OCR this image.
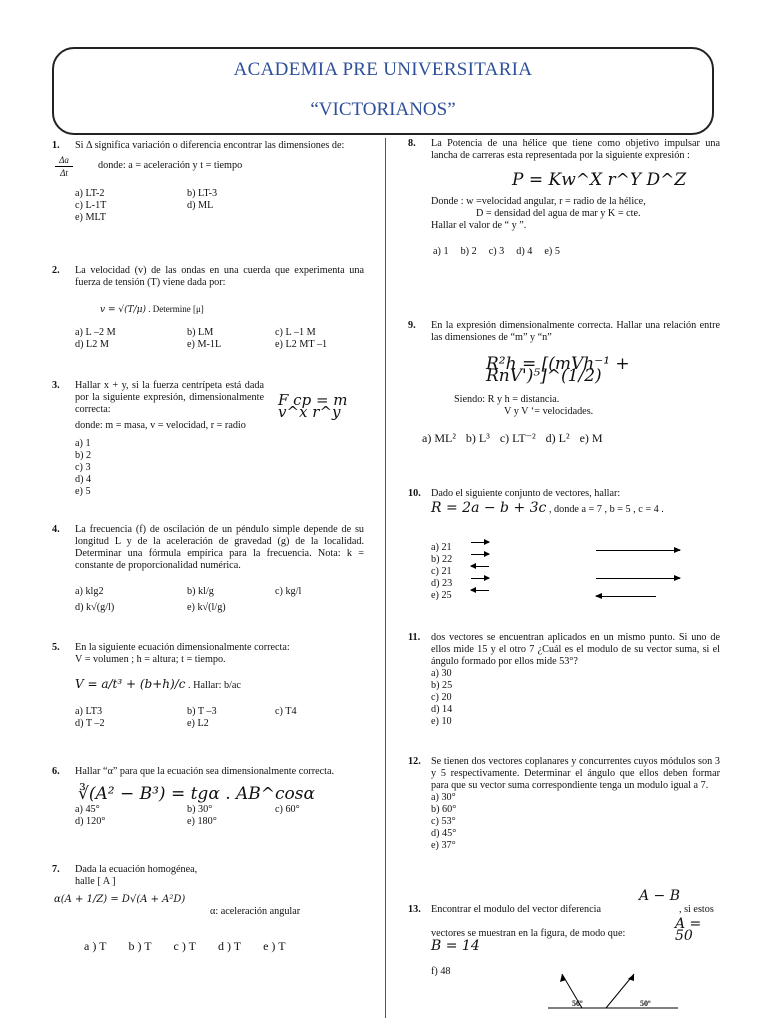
ACADEMIA PRE UNIVERSITARIA
“VICTORIANOS”
1.	Si Δ significa variación o diferencia encontrar las dimensiones de:
Δa
Δt
donde: a = aceleración y t = tiempo
a) LT-2	b) LT-3
c) L-1T	d) ML
e) MLT
2.	La velocidad (v) de las ondas en una cuerda que experimenta una fuerza de tensión (T) viene dada por:
v = √(T/μ) . Determine [μ]
a) L –2 M	b) LM	c) L –1 M
d) L2 M	e) M-1L	e) L2 MT –1
3.	Hallar x + y, si la fuerza centrípeta está dada por la siguiente expresión, dimensionalmente correcta:
F cp = m v^x r^y
donde: m = masa, v = velocidad, r = radio
a) 1
b) 2
c) 3
d) 4
e) 5
4.	La frecuencia (f) de oscilación de un péndulo simple depende de su longitud L y de la aceleración de gravedad (g) de la localidad. Determinar una fórmula empírica para la frecuencia. Nota: k = constante de proporcionalidad numérica.
a) klg2	b) kl/g	c) kg/l
d) k√(g/l)	e) k√(l/g)
5.	En la siguiente ecuación dimensionalmente correcta:
V = volumen ; h = altura; t = tiempo.
V = a/t³ + (b+h)/c . Hallar: b/ac
a) LT3	b) T –3	c) T4
d) T –2	e) L2
6.	Hallar “α” para que la ecuación sea dimensionalmente correcta.
∛(A² − B³) = tgα . AB^cosα
a) 45°	b) 30°	c) 60°
d) 120°	e) 180°
7.	Dada la ecuación homogénea,
halle [ A ]
α(A + 1/Z) = D√(A + A²D)
α: aceleración angular
a ) T b ) T c ) T d ) T e ) T
8.	La Potencia de una hélice que tiene como objetivo impulsar una lancha de carreras esta representada por la siguiente expresión :
P = Kw^X r^Y D^Z
Donde : w =velocidad angular, r = radio de la hélice,
D = densidad del agua de mar y K = cte.
Hallar el valor de “ y ”.
a) 1 b) 2 c) 3 d) 4 e) 5
9.	En la expresión dimensionalmente correcta. Hallar una relación entre las dimensiones de “m” y “n”
R²h = [(mVh⁻¹ + RnV')⁵]^(1/2)
Siendo: R y h = distancia.
V y V ‘= velocidades.
a) ML² b) L³ c) LT⁻² d) L² e) M
10.	Dado el siguiente conjunto de vectores, hallar:
R = 2a − b + 3c , donde a = 7 , b = 5 , c = 4 .
a) 21
b) 22
c) 21
d) 23
e) 25
11.	dos vectores se encuentran aplicados en un mismo punto. Si uno de ellos mide 15 y el otro 7 ¿Cuál es el modulo de su vector suma, si el ángulo formado por ellos mide 53°?
a) 30
b) 25
c) 20
d) 14
e) 10
12.	Se tienen dos vectores coplanares y concurrentes cuyos módulos son 3 y 5 respectivamente. Determinar el ángulo que ellos deben formar para que su vector suma correspondiente tenga un modulo igual a 7.
a) 30°
b) 60°
c) 53°
d) 45°
e) 37°
13.	Encontrar el modulo del vector diferencia
A − B
, si estos
vectores se muestran en la figura, de modo que:
A = 50
B = 14
f) 48
56º	50º
